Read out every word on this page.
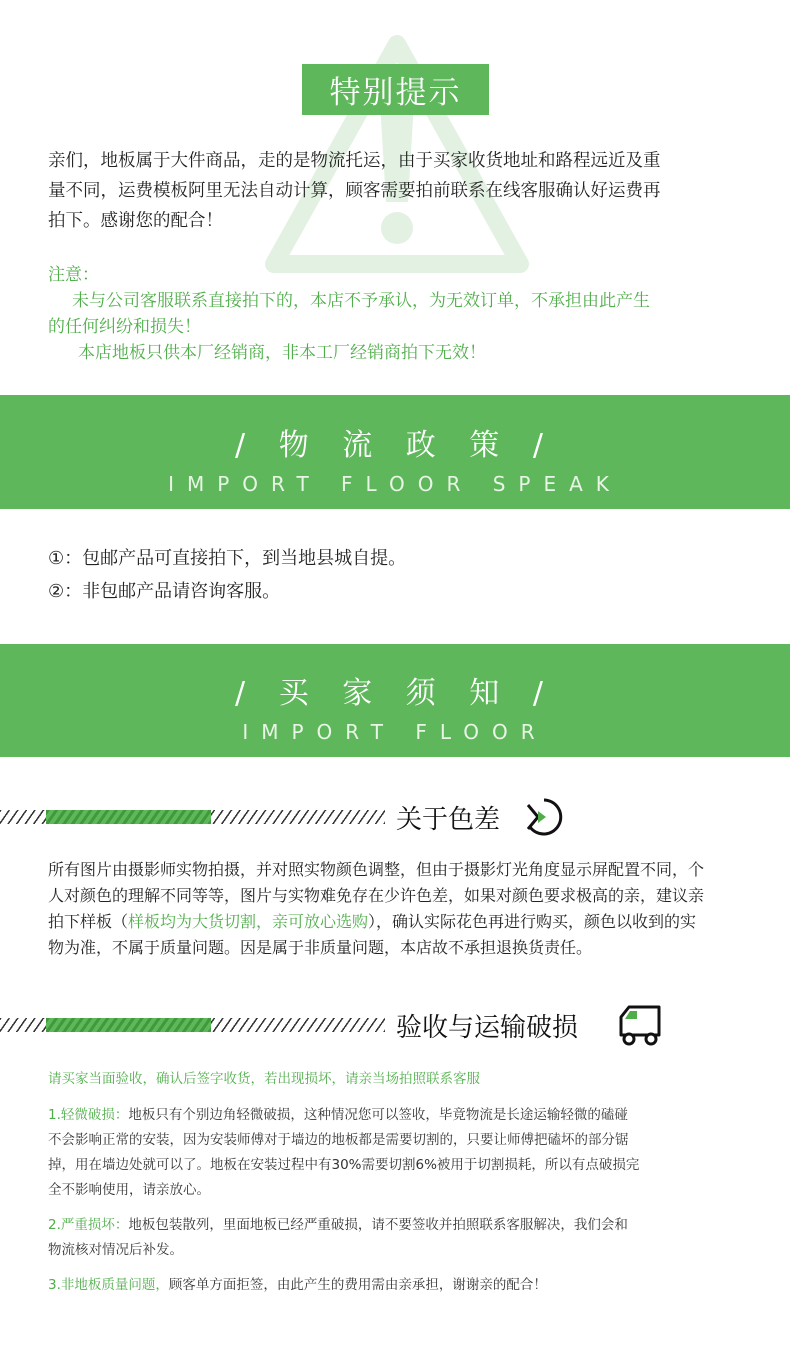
特别提示
亲们，地板属于大件商品，走的是物流托运，由于买家收货地址和路程远近及重
量不同，运费模板阿里无法自动计算，顾客需要拍前联系在线客服确认好运费再
拍下。感谢您的配合！
注意：
未与公司客服联系直接拍下的，本店不予承认，为无效订单，不承担由此产生
的任何纠纷和损失！
本店地板只供本厂经销商，非本工厂经销商拍下无效！
/ 物 流 政 策 /
IMPORT FLOOR SPEAK
①：包邮产品可直接拍下，到当地县城自提。
②：非包邮产品请咨询客服。
/ 买 家 须 知 /
IMPORT FLOOR
关于色差
所有图片由摄影师实物拍摄，并对照实物颜色调整，但由于摄影灯光角度显示屏配置不同，个
人对颜色的理解不同等等，图片与实物难免存在少许色差，如果对颜色要求极高的亲，建议亲
拍下样板（样板均为大货切割，亲可放心选购），确认实际花色再进行购买，颜色以收到的实
物为准，不属于质量问题。因是属于非质量问题，本店故不承担退换货责任。
验收与运输破损
请买家当面验收，确认后签字收货，若出现损坏，请亲当场拍照联系客服
1.轻微破损：地板只有个别边角轻微破损，这种情况您可以签收，毕竟物流是长途运输轻微的磕碰
不会影响正常的安装，因为安装师傅对于墙边的地板都是需要切割的，只要让师傅把磕坏的部分锯
掉，用在墙边处就可以了。地板在安装过程中有30%需要切割6%被用于切割损耗，所以有点破损完
全不影响使用，请亲放心。
2.严重损坏：地板包装散列，里面地板已经严重破损，请不要签收并拍照联系客服解决，我们会和
物流核对情况后补发。
3.非地板质量问题，顾客单方面拒签，由此产生的费用需由亲承担，谢谢亲的配合！
